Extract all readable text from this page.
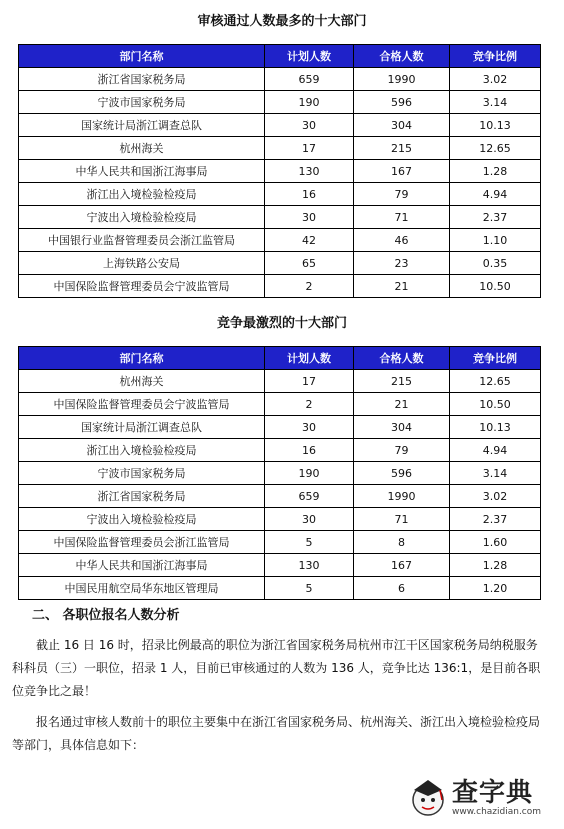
审核通过人数最多的十大部门
部门名称	计划人数	合格人数	竞争比例
浙江省国家税务局	659	1990	3.02
宁波市国家税务局	190	596	3.14
国家统计局浙江调查总队	30	304	10.13
杭州海关	17	215	12.65
中华人民共和国浙江海事局	130	167	1.28
浙江出入境检验检疫局	16	79	4.94
宁波出入境检验检疫局	30	71	2.37
中国银行业监督管理委员会浙江监管局	42	46	1.10
上海铁路公安局	65	23	0.35
中国保险监督管理委员会宁波监管局	2	21	10.50
竞争最激烈的十大部门
部门名称	计划人数	合格人数	竞争比例
杭州海关	17	215	12.65
中国保险监督管理委员会宁波监管局	2	21	10.50
国家统计局浙江调查总队	30	304	10.13
浙江出入境检验检疫局	16	79	4.94
宁波市国家税务局	190	596	3.14
浙江省国家税务局	659	1990	3.02
宁波出入境检验检疫局	30	71	2.37
中国保险监督管理委员会浙江监管局	5	8	1.60
中华人民共和国浙江海事局	130	167	1.28
中国民用航空局华东地区管理局	5	6	1.20
二、 各职位报名人数分析

截止 16 日 16 时，招录比例最高的职位为浙江省国家税务局杭州市江干区国家税务局纳税服务科科员（三）一职位，招录 1 人，目前已审核通过的人数为 136 人，竞争比达 136:1，是目前各职位竞争比之最！

报名通过审核人数前十的职位主要集中在浙江省国家税务局、杭州海关、浙江出入境检验检疫局等部门，具体信息如下：

查字典
www.chazidian.com
